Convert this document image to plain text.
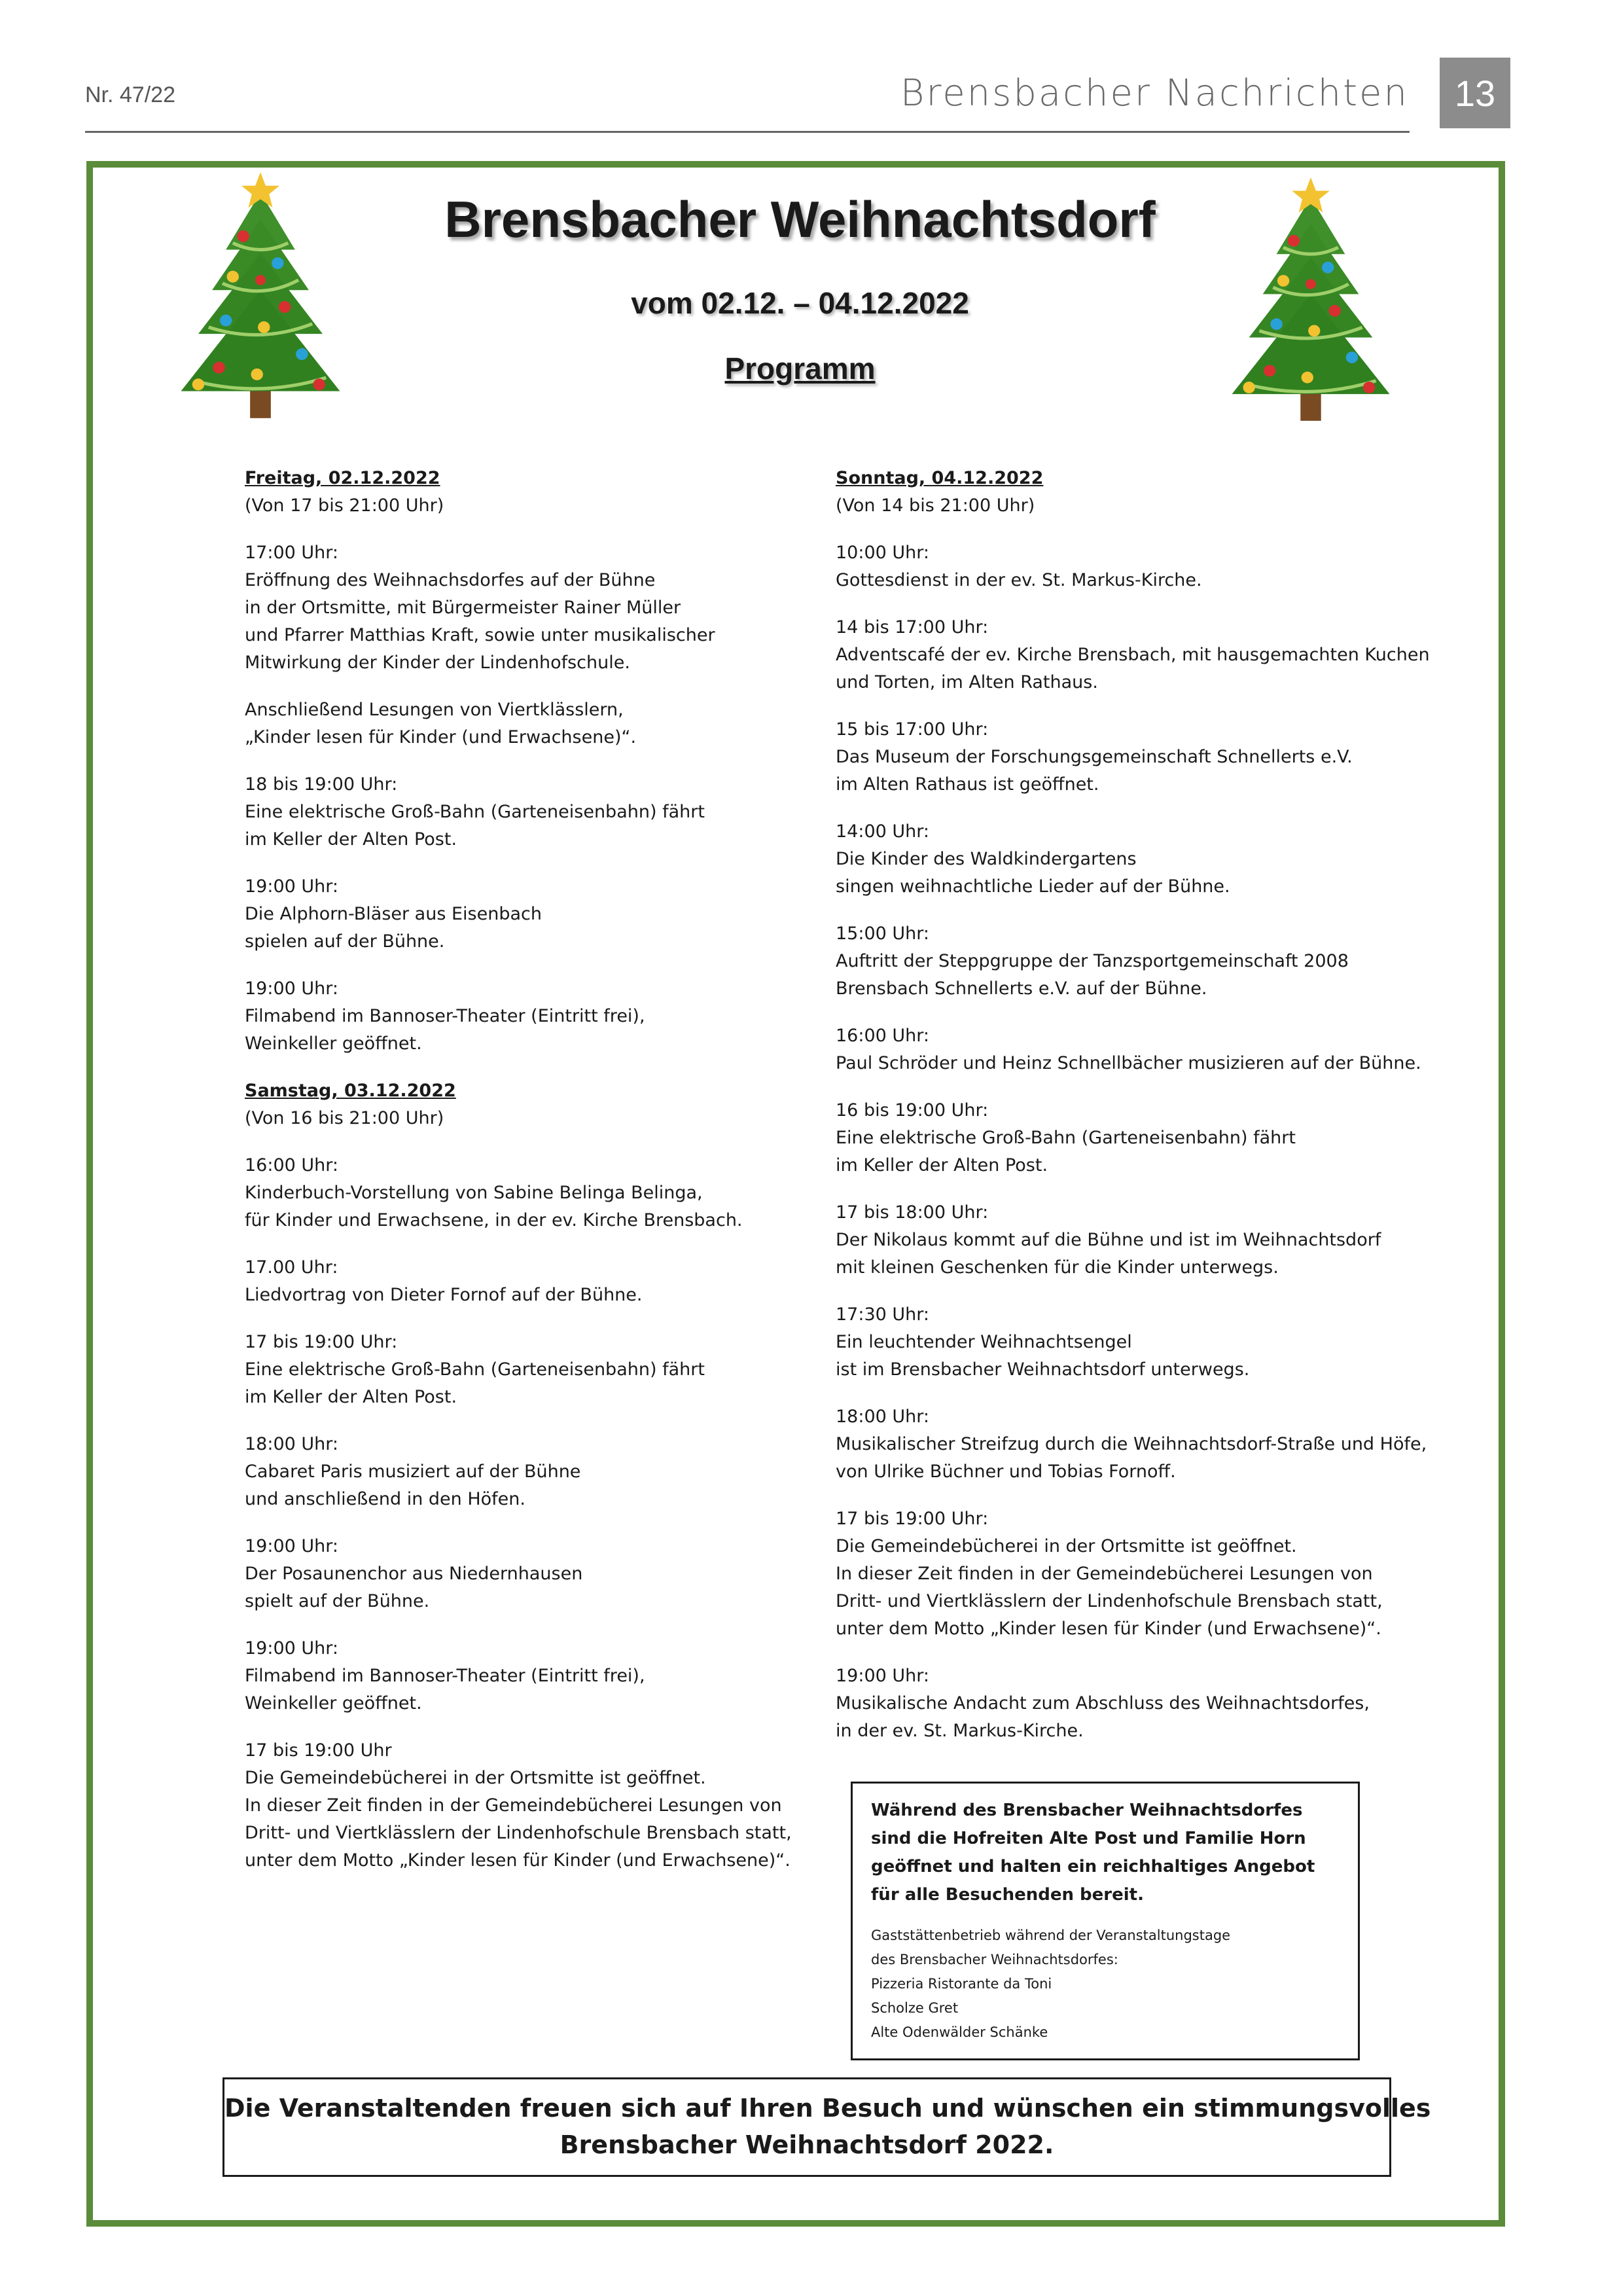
Nr. 47/22	Brensbacher Nachrichten	13
Brensbacher Weihnachtsdorf
vom 02.12. – 04.12.2022
Programm
Freitag, 02.12.2022
(Von 17 bis 21:00 Uhr)
17:00 Uhr:
Eröffnung des Weihnachsdorfes auf der Bühne
in der Ortsmitte, mit Bürgermeister Rainer Müller
und Pfarrer Matthias Kraft, sowie unter musikalischer
Mitwirkung der Kinder der Lindenhofschule.
Anschließend Lesungen von Viertklässlern,
„Kinder lesen für Kinder (und Erwachsene)“.
18 bis 19:00 Uhr:
Eine elektrische Groß-Bahn (Garteneisenbahn) fährt
im Keller der Alten Post.
19:00 Uhr:
Die Alphorn-Bläser aus Eisenbach
spielen auf der Bühne.
19:00 Uhr:
Filmabend im Bannoser-Theater (Eintritt frei),
Weinkeller geöffnet.
Samstag, 03.12.2022
(Von 16 bis 21:00 Uhr)
16:00 Uhr:
Kinderbuch-Vorstellung von Sabine Belinga Belinga,
für Kinder und Erwachsene, in der ev. Kirche Brensbach.
17.00 Uhr:
Liedvortrag von Dieter Fornof auf der Bühne.
17 bis 19:00 Uhr:
Eine elektrische Groß-Bahn (Garteneisenbahn) fährt
im Keller der Alten Post.
18:00 Uhr:
Cabaret Paris musiziert auf der Bühne
und anschließend in den Höfen.
19:00 Uhr:
Der Posaunenchor aus Niedernhausen
spielt auf der Bühne.
19:00 Uhr:
Filmabend im Bannoser-Theater (Eintritt frei),
Weinkeller geöffnet.
17 bis 19:00 Uhr
Die Gemeindebücherei in der Ortsmitte ist geöffnet.
In dieser Zeit finden in der Gemeindebücherei Lesungen von
Dritt- und Viertklässlern der Lindenhofschule Brensbach statt,
unter dem Motto „Kinder lesen für Kinder (und Erwachsene)“.
Sonntag, 04.12.2022
(Von 14 bis 21:00 Uhr)
10:00 Uhr:
Gottesdienst in der ev. St. Markus-Kirche.
14 bis 17:00 Uhr:
Adventscafé der ev. Kirche Brensbach, mit hausgemachten Kuchen
und Torten, im Alten Rathaus.
15 bis 17:00 Uhr:
Das Museum der Forschungsgemeinschaft Schnellerts e.V.
im Alten Rathaus ist geöffnet.
14:00 Uhr:
Die Kinder des Waldkindergartens
singen weihnachtliche Lieder auf der Bühne.
15:00 Uhr:
Auftritt der Steppgruppe der Tanzsportgemeinschaft 2008
Brensbach Schnellerts e.V. auf der Bühne.
16:00 Uhr:
Paul Schröder und Heinz Schnellbächer musizieren auf der Bühne.
16 bis 19:00 Uhr:
Eine elektrische Groß-Bahn (Garteneisenbahn) fährt
im Keller der Alten Post.
17 bis 18:00 Uhr:
Der Nikolaus kommt auf die Bühne und ist im Weihnachtsdorf
mit kleinen Geschenken für die Kinder unterwegs.
17:30 Uhr:
Ein leuchtender Weihnachtsengel
ist im Brensbacher Weihnachtsdorf unterwegs.
18:00 Uhr:
Musikalischer Streifzug durch die Weihnachtsdorf-Straße und Höfe,
von Ulrike Büchner und Tobias Fornoff.
17 bis 19:00 Uhr:
Die Gemeindebücherei in der Ortsmitte ist geöffnet.
In dieser Zeit finden in der Gemeindebücherei Lesungen von
Dritt- und Viertklässlern der Lindenhofschule Brensbach statt,
unter dem Motto „Kinder lesen für Kinder (und Erwachsene)“.
19:00 Uhr:
Musikalische Andacht zum Abschluss des Weihnachtsdorfes,
in der ev. St. Markus-Kirche.
Während des Brensbacher Weihnachtsdorfes
sind die Hofreiten Alte Post und Familie Horn
geöffnet und halten ein reichhaltiges Angebot
für alle Besuchenden bereit.
Gaststättenbetrieb während der Veranstaltungstage
des Brensbacher Weihnachtsdorfes:
Pizzeria Ristorante da Toni
Scholze Gret
Alte Odenwälder Schänke
Die Veranstaltenden freuen sich auf Ihren Besuch und wünschen ein stimmungsvolles
Brensbacher Weihnachtsdorf 2022.
